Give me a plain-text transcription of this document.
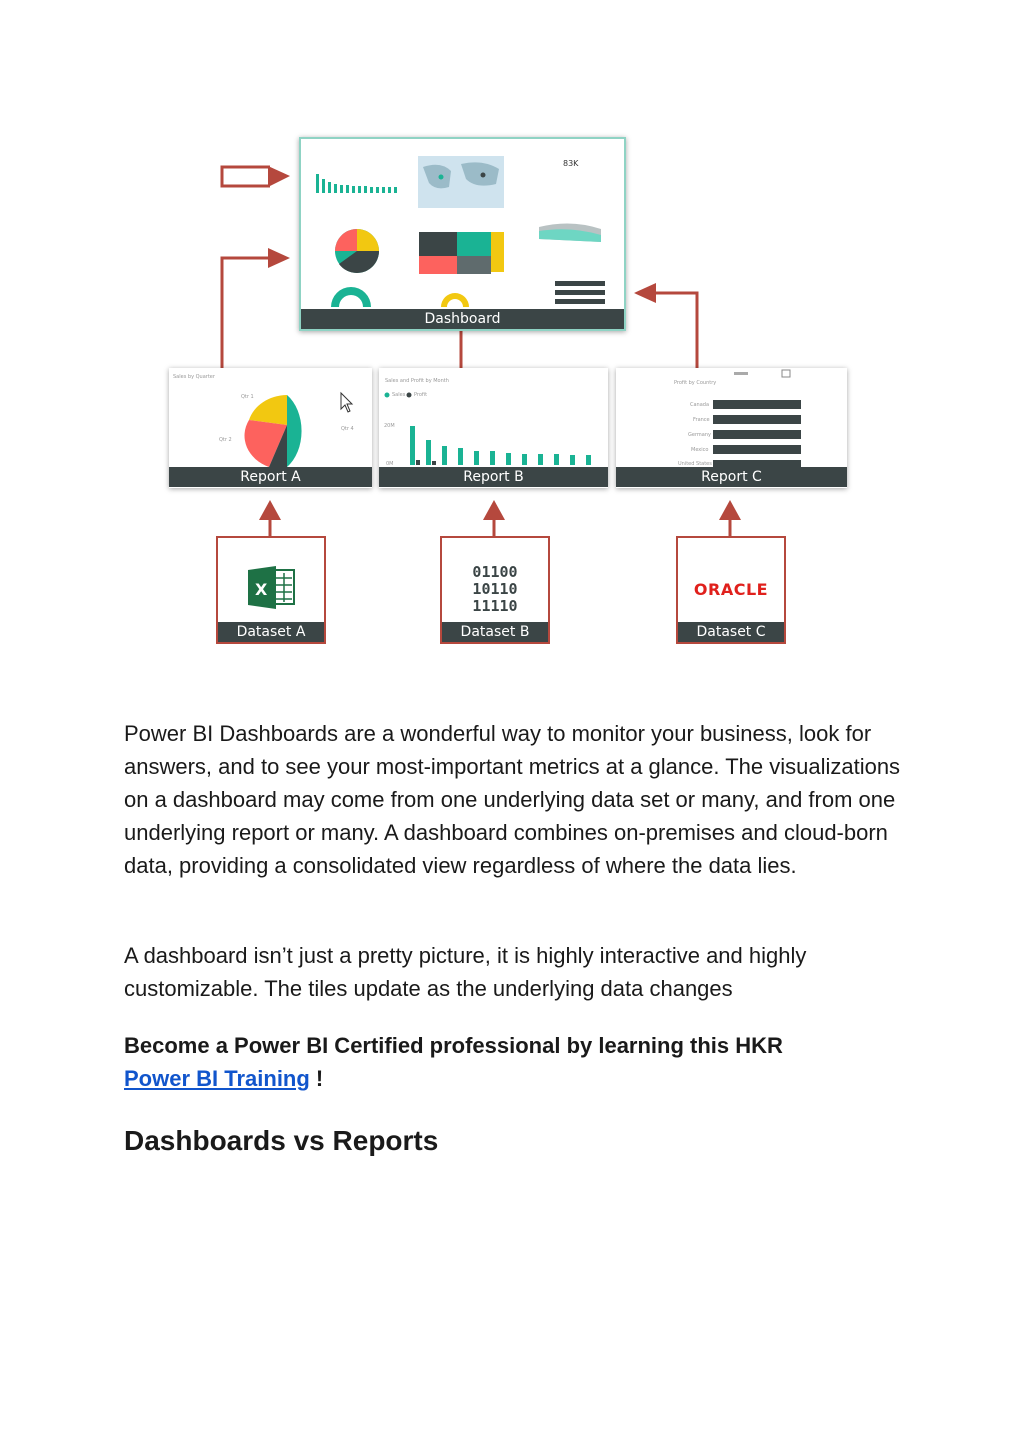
83K
Dashboard
Sales by Quarter
Qtr 1
Qtr 2
Qtr 4
Report A
Sales and Profit by Month
Sales Profit
20M
0M
Report B
Profit by Country
Canada
France
Germany
Mexico
United States
Report C
X
Dataset A
01100
10110
11110
Dataset B
ORACLE
Dataset C

Power BI Dashboards are a wonderful way to monitor your business, look for answers, and to see your most-important metrics at a glance. The visualizations on a dashboard may come from one underlying data set or many, and from one underlying report or many. A dashboard combines on-premises and cloud-born data, providing a consolidated view regardless of where the data lies.

A dashboard isn’t just a pretty picture, it is highly interactive and highly customizable. The tiles update as the underlying data changes

Become a Power BI Certified professional by learning this HKR
Power BI Training !

Dashboards vs Reports
